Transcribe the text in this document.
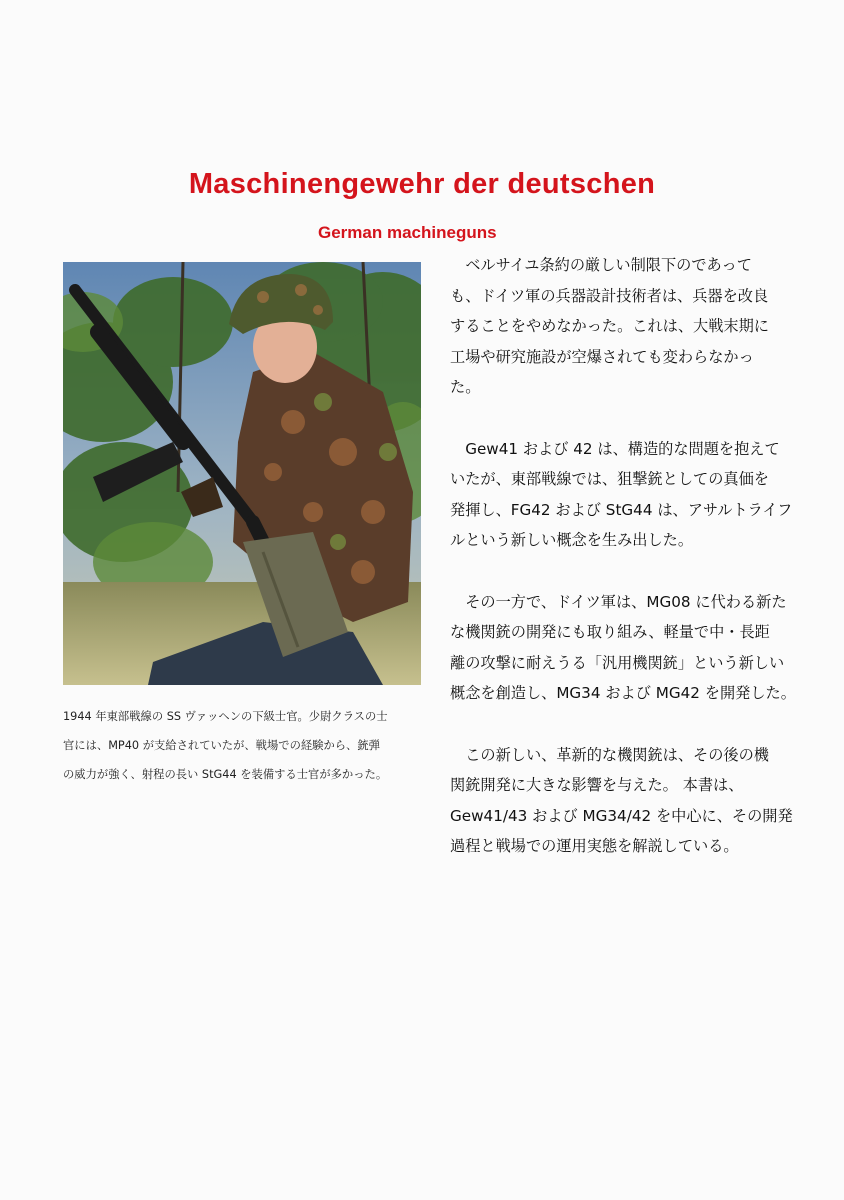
Maschinengewehr der deutschen
German machineguns

1944 年東部戦線の SS ヴァッヘンの下級士官。少尉クラスの士

官には、MP40 が支給されていたが、戦場での経験から、銃弾

の威力が強く、射程の長い StG44 を装備する士官が多かった。

　ベルサイユ条約の厳しい制限下のであって
も、ドイツ軍の兵器設計技術者は、兵器を改良
することをやめなかった。これは、大戦末期に
工場や研究施設が空爆されても変わらなかっ
た。
　Gew41 および 42 は、構造的な問題を抱えて
いたが、東部戦線では、狙撃銃としての真価を
発揮し、FG42 および StG44 は、アサルトライフ
ルという新しい概念を生み出した。
　その一方で、ドイツ軍は、MG08 に代わる新た
な機関銃の開発にも取り組み、軽量で中・長距
離の攻撃に耐えうる「汎用機関銃」という新しい
概念を創造し、MG34 および MG42 を開発した。
　この新しい、革新的な機関銃は、その後の機
関銃開発に大きな影響を与えた。 本書は、
Gew41/43 および MG34/42 を中心に、その開発
過程と戦場での運用実態を解説している。
